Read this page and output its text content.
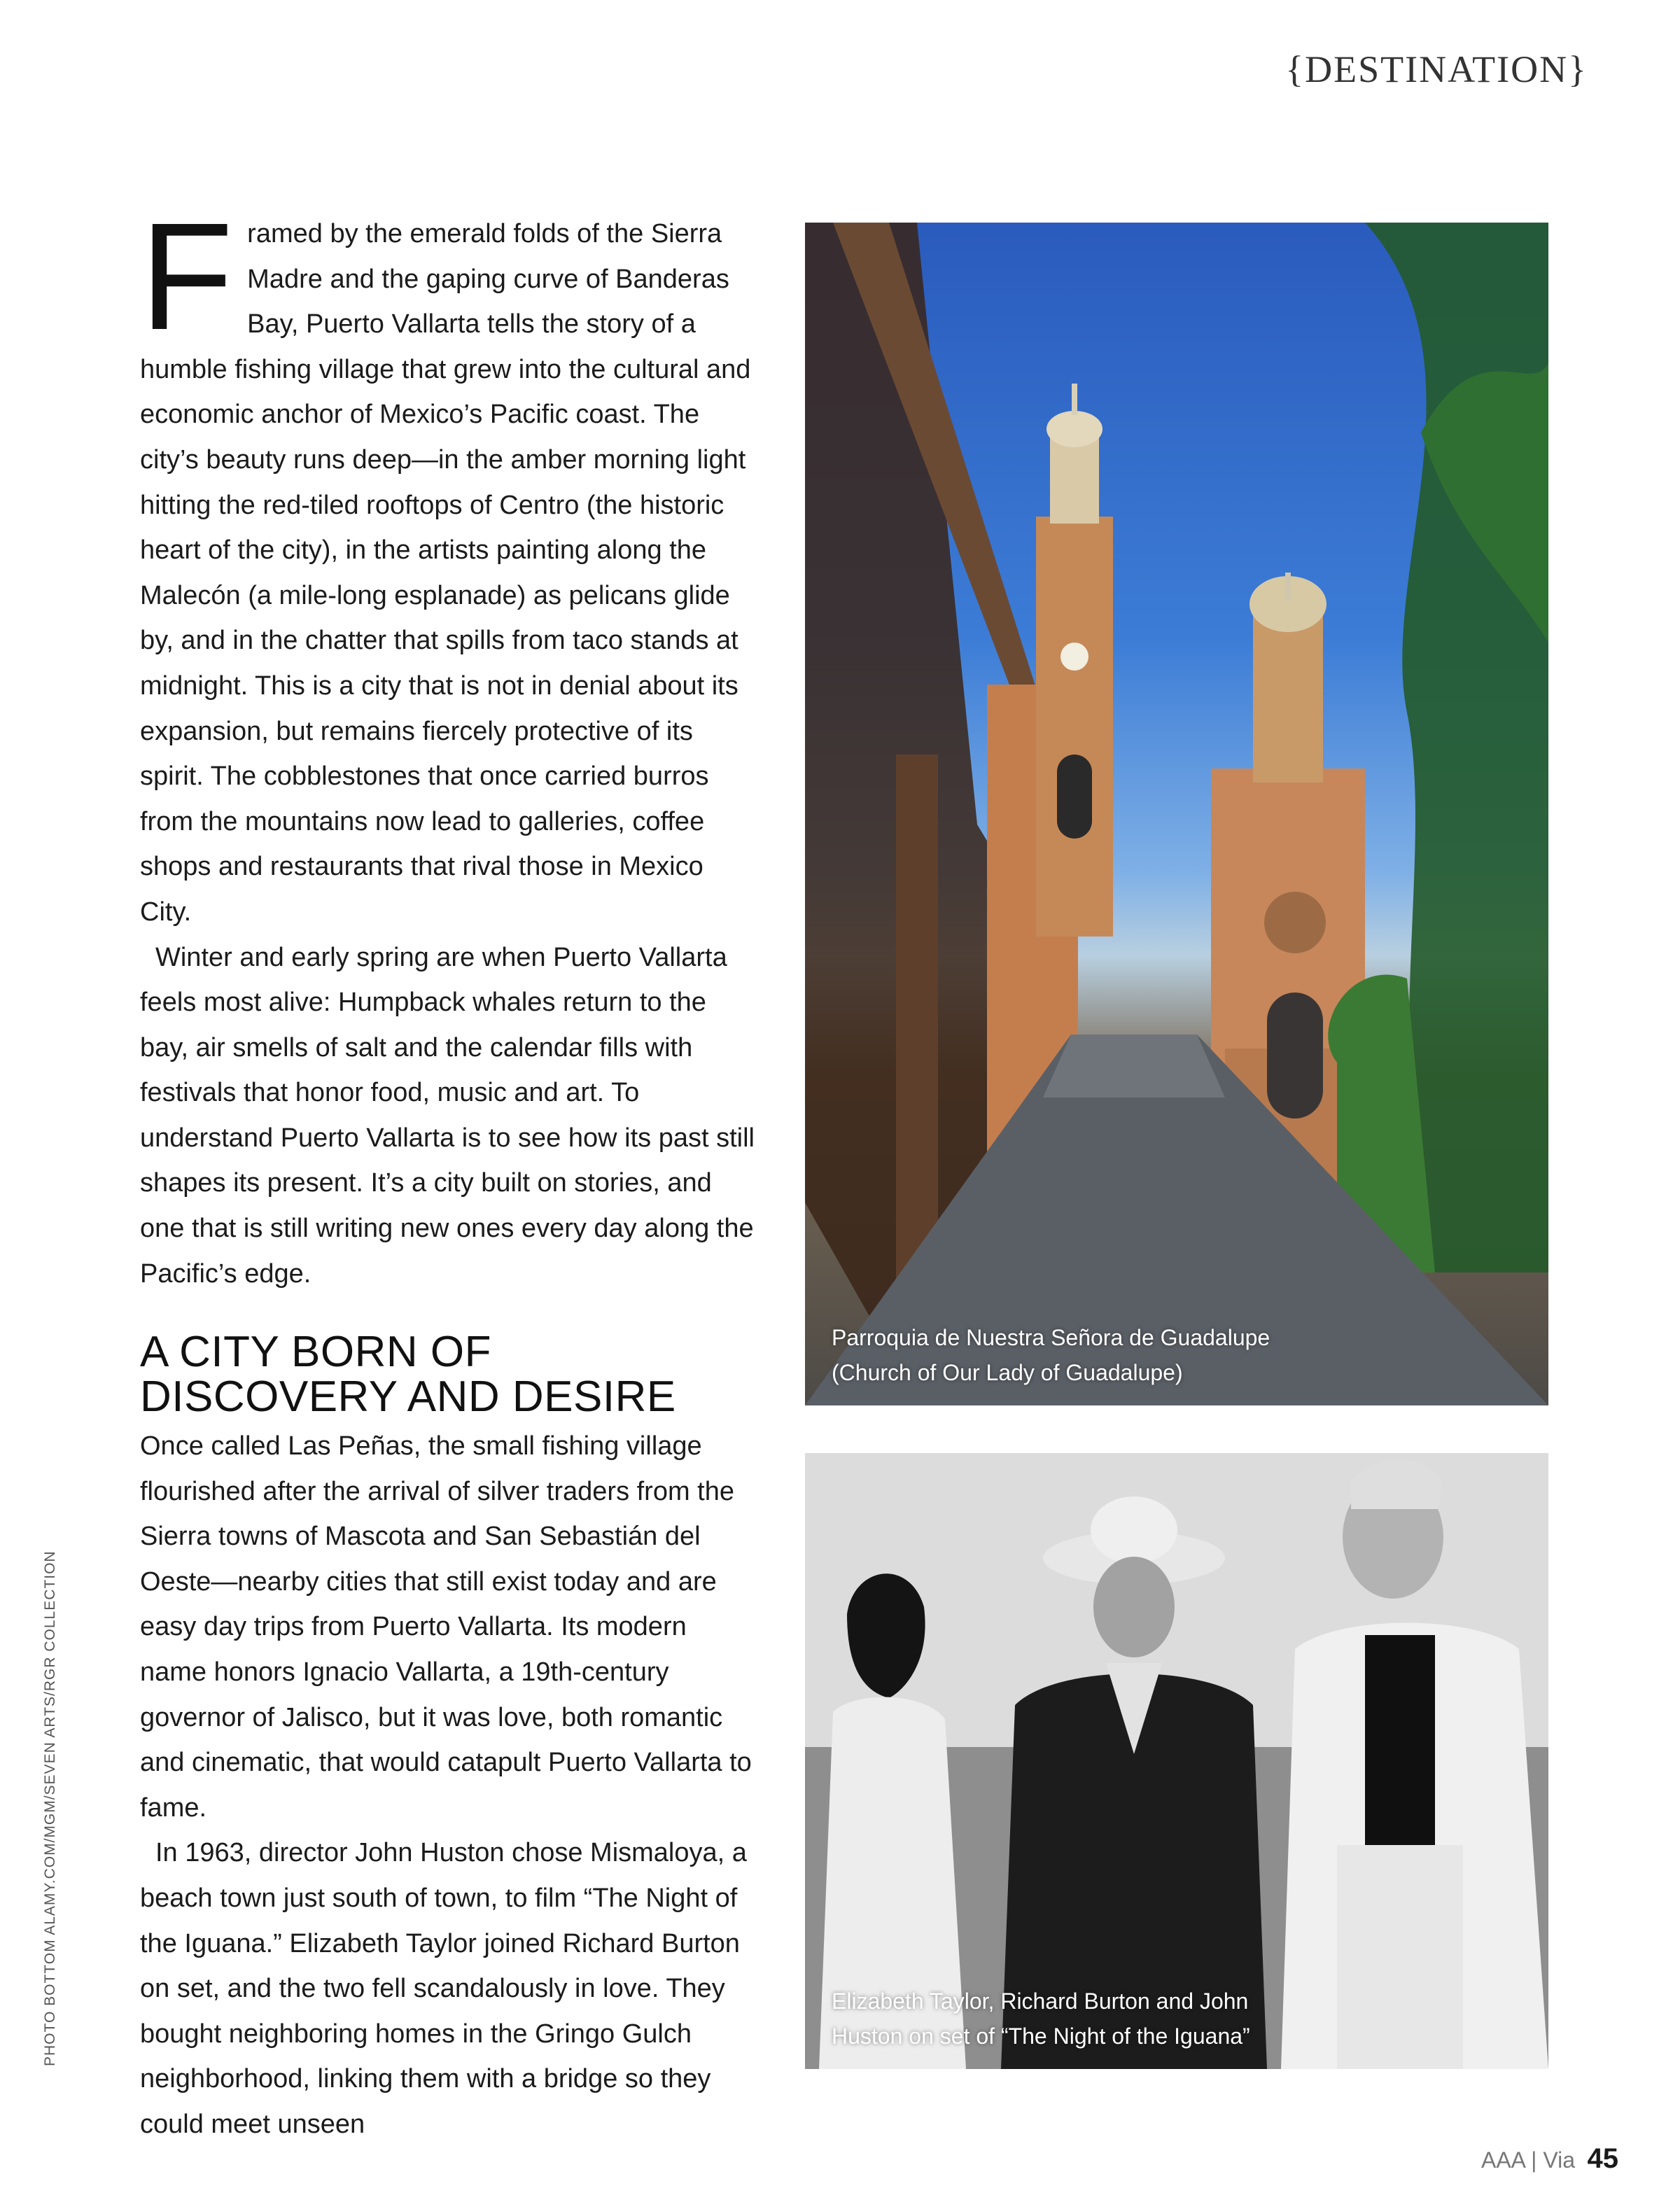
{DESTINATION}

Framed by the emerald folds of the Sierra Madre and the gaping curve of Banderas Bay, Puerto Vallarta tells the story of a humble fishing village that grew into the cultural and economic anchor of Mexico’s Pacific coast. The city’s beauty runs deep—in the amber morning light hitting the red-tiled rooftops of Centro (the historic heart of the city), in the artists painting along the Malecón (a mile-long esplanade) as pelicans glide by, and in the chatter that spills from taco stands at midnight. This is a city that is not in denial about its expansion, but remains fiercely protective of its spirit. The cobblestones that once carried burros from the mountains now lead to galleries, coffee shops and restaurants that rival those in Mexico City.

Winter and early spring are when Puerto Vallarta feels most alive: Humpback whales return to the bay, air smells of salt and the calendar fills with festivals that honor food, music and art. To understand Puerto Vallarta is to see how its past still shapes its present. It’s a city built on stories, and one that is still writing new ones every day along the Pacific’s edge.

A CITY BORN OF
DISCOVERY AND DESIRE

Once called Las Peñas, the small fishing village flourished after the arrival of silver traders from the Sierra towns of Mascota and San Sebastián del Oeste—nearby cities that still exist today and are easy day trips from Puerto Vallarta. Its modern name honors Ignacio Vallarta, a 19th-century governor of Jalisco, but it was love, both romantic and cinematic, that would catapult Puerto Vallarta to fame.

In 1963, director John Huston chose Mismaloya, a beach town just south of town, to film “The Night of the Iguana.” Elizabeth Taylor joined Richard Burton on set, and the two fell scandalously in love. They bought neighboring homes in the Gringo Gulch neighborhood, linking them with a bridge so they could meet unseen

Parroquia de Nuestra Señora de Guadalupe
(Church of Our Lady of Guadalupe)
Elizabeth Taylor, Richard Burton and John
Huston on set of “The Night of the Iguana”
PHOTO BOTTOM ALAMY.COM/MGM/SEVEN ARTS/RGR COLLECTION
AAA | Via 45
